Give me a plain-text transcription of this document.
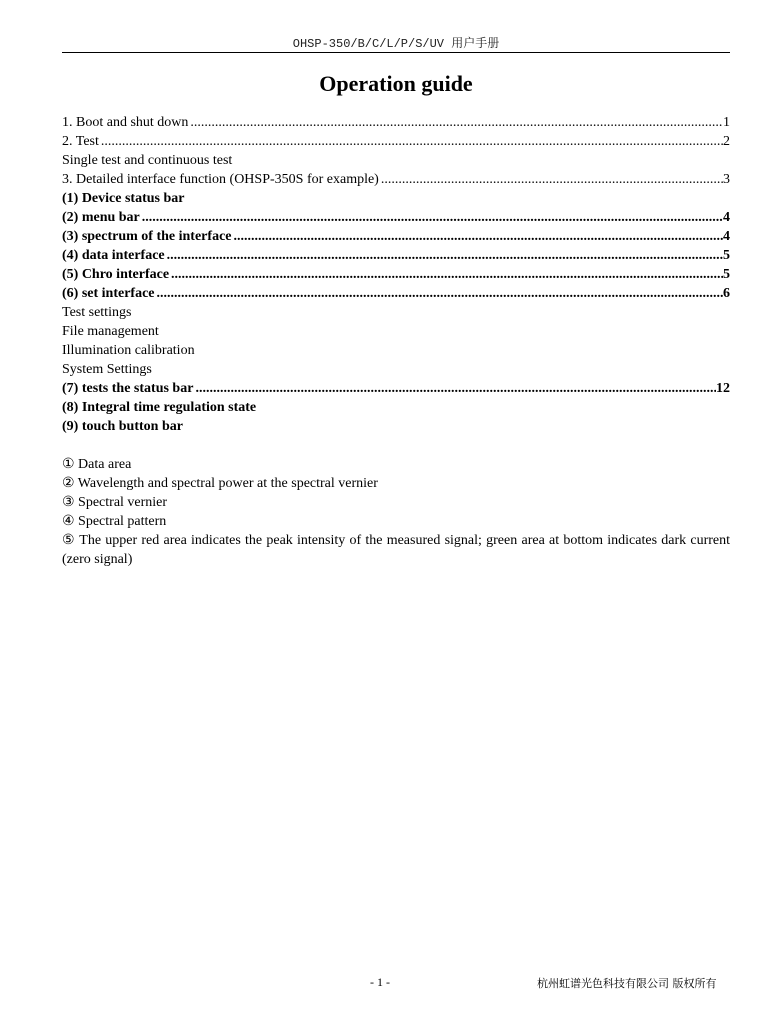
OHSP-350/B/C/L/P/S/UV 用户手册
Operation guide
1. Boot and shut down .....	1
2. Test .....	2
Single test and continuous test
3. Detailed interface function (OHSP-350S for example) .....	3
(1) Device status bar
(2) menu bar .....	4
(3) spectrum of the interface .....	4
(4) data interface .....	5
(5) Chro interface .....	5
(6) set interface .....	6
Test settings
File management
Illumination calibration
System Settings
(7) tests the status bar .....	12
(8) Integral time regulation state
(9) touch button bar
① Data area
② Wavelength and spectral power at the spectral vernier
③ Spectral vernier
④ Spectral pattern
⑤ The upper red area indicates the peak intensity of the measured signal; green area at bottom indicates dark current (zero signal)
- 1 -	杭州虹谱光色科技有限公司 版权所有
